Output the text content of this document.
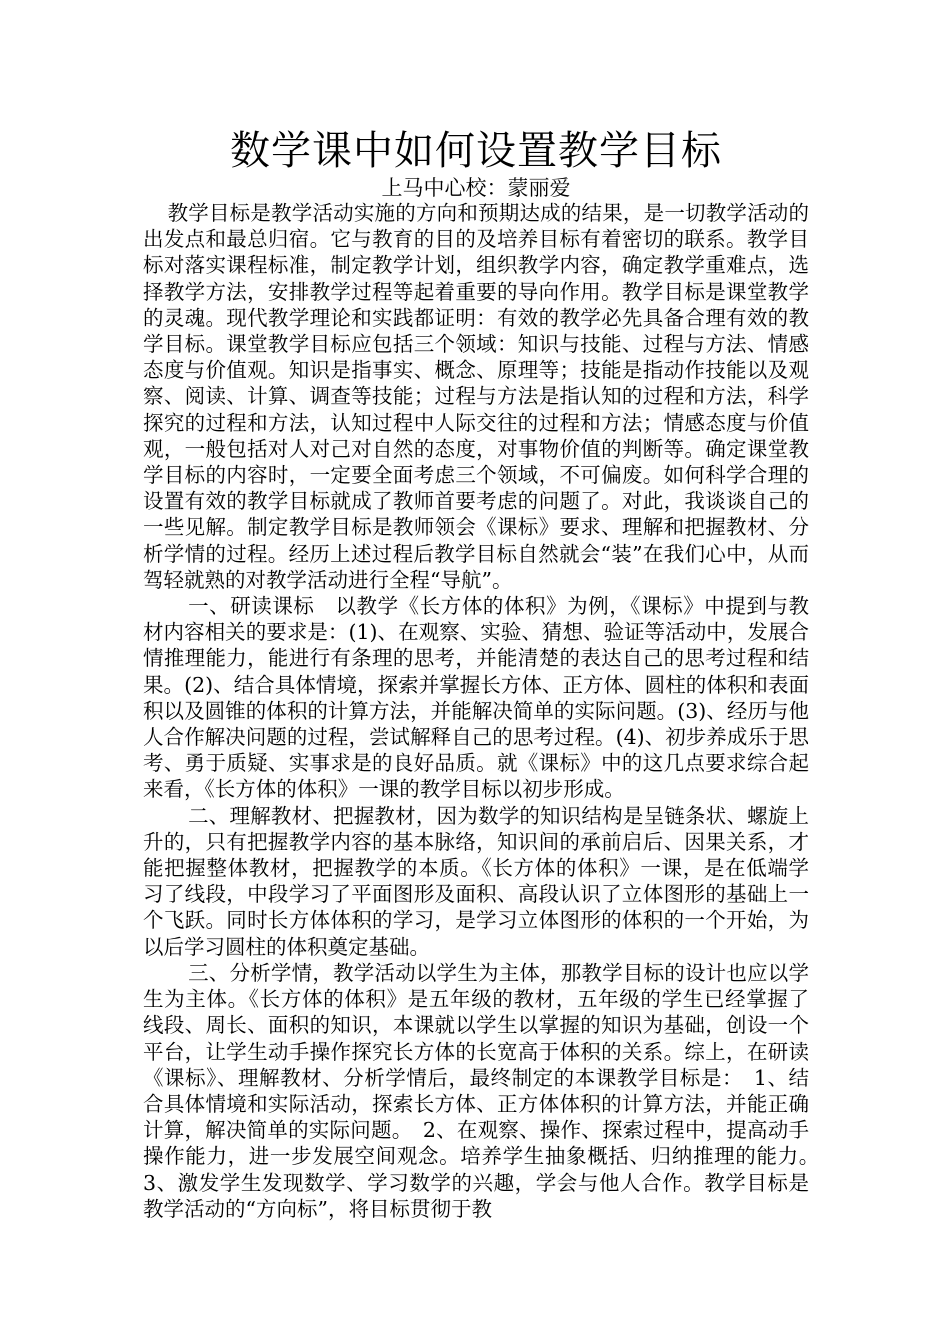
数学课中如何设置教学目标

上马中心校：蒙丽爱

教学目标是教学活动实施的方向和预期达成的结果，是一切教学活动的出发点和最总归宿。它与教育的目的及培养目标有着密切的联系。教学目标对落实课程标准，制定教学计划，组织教学内容，确定教学重难点，选择教学方法，安排教学过程等起着重要的导向作用。教学目标是课堂教学的灵魂。现代教学理论和实践都证明：有效的教学必先具备合理有效的教学目标。课堂教学目标应包括三个领域：知识与技能、过程与方法、情感态度与价值观。知识是指事实、概念、原理等；技能是指动作技能以及观察、阅读、计算、调查等技能；过程与方法是指认知的过程和方法，科学探究的过程和方法，认知过程中人际交往的过程和方法；情感态度与价值观，一般包括对人对己对自然的态度，对事物价值的判断等。确定课堂教学目标的内容时，一定要全面考虑三个领域，不可偏废。如何科学合理的设置有效的教学目标就成了教师首要考虑的问题了。对此，我谈谈自己的一些见解。制定教学目标是教师领会《课标》要求、理解和把握教材、分析学情的过程。经历上述过程后教学目标自然就会“装”在我们心中，从而驾轻就熟的对教学活动进行全程“导航”。

一、研读课标　以教学《长方体的体积》为例，《课标》中提到与教材内容相关的要求是：(1)、在观察、实验、猜想、验证等活动中，发展合情推理能力，能进行有条理的思考，并能清楚的表达自己的思考过程和结果。(2)、结合具体情境，探索并掌握长方体、正方体、圆柱的体积和表面积以及圆锥的体积的计算方法，并能解决简单的实际问题。(3)、经历与他人合作解决问题的过程，尝试解释自己的思考过程。(4)、初步养成乐于思考、勇于质疑、实事求是的良好品质。就《课标》中的这几点要求综合起来看，《长方体的体积》一课的教学目标以初步形成。

二、理解教材、把握教材，因为数学的知识结构是呈链条状、螺旋上升的，只有把握教学内容的基本脉络，知识间的承前启后、因果关系，才能把握整体教材，把握教学的本质。《长方体的体积》一课，是在低端学习了线段，中段学习了平面图形及面积、高段认识了立体图形的基础上一个飞跃。同时长方体体积的学习，是学习立体图形的体积的一个开始，为以后学习圆柱的体积奠定基础。

三、分析学情，教学活动以学生为主体，那教学目标的设计也应以学生为主体。《长方体的体积》是五年级的教材，五年级的学生已经掌握了线段、周长、面积的知识，本课就以学生以掌握的知识为基础，创设一个平台，让学生动手操作探究长方体的长宽高于体积的关系。综上，在研读《课标》、理解教材、分析学情后，最终制定的本课教学目标是：　1、结合具体情境和实际活动，探索长方体、正方体体积的计算方法，并能正确计算，解决简单的实际问题。　2、在观察、操作、探索过程中，提高动手操作能力，进一步发展空间观念。培养学生抽象概括、归纳推理的能力。　3、激发学生发现数学、学习数学的兴趣，学会与他人合作。教学目标是教学活动的“方向标”，将目标贯彻于教
